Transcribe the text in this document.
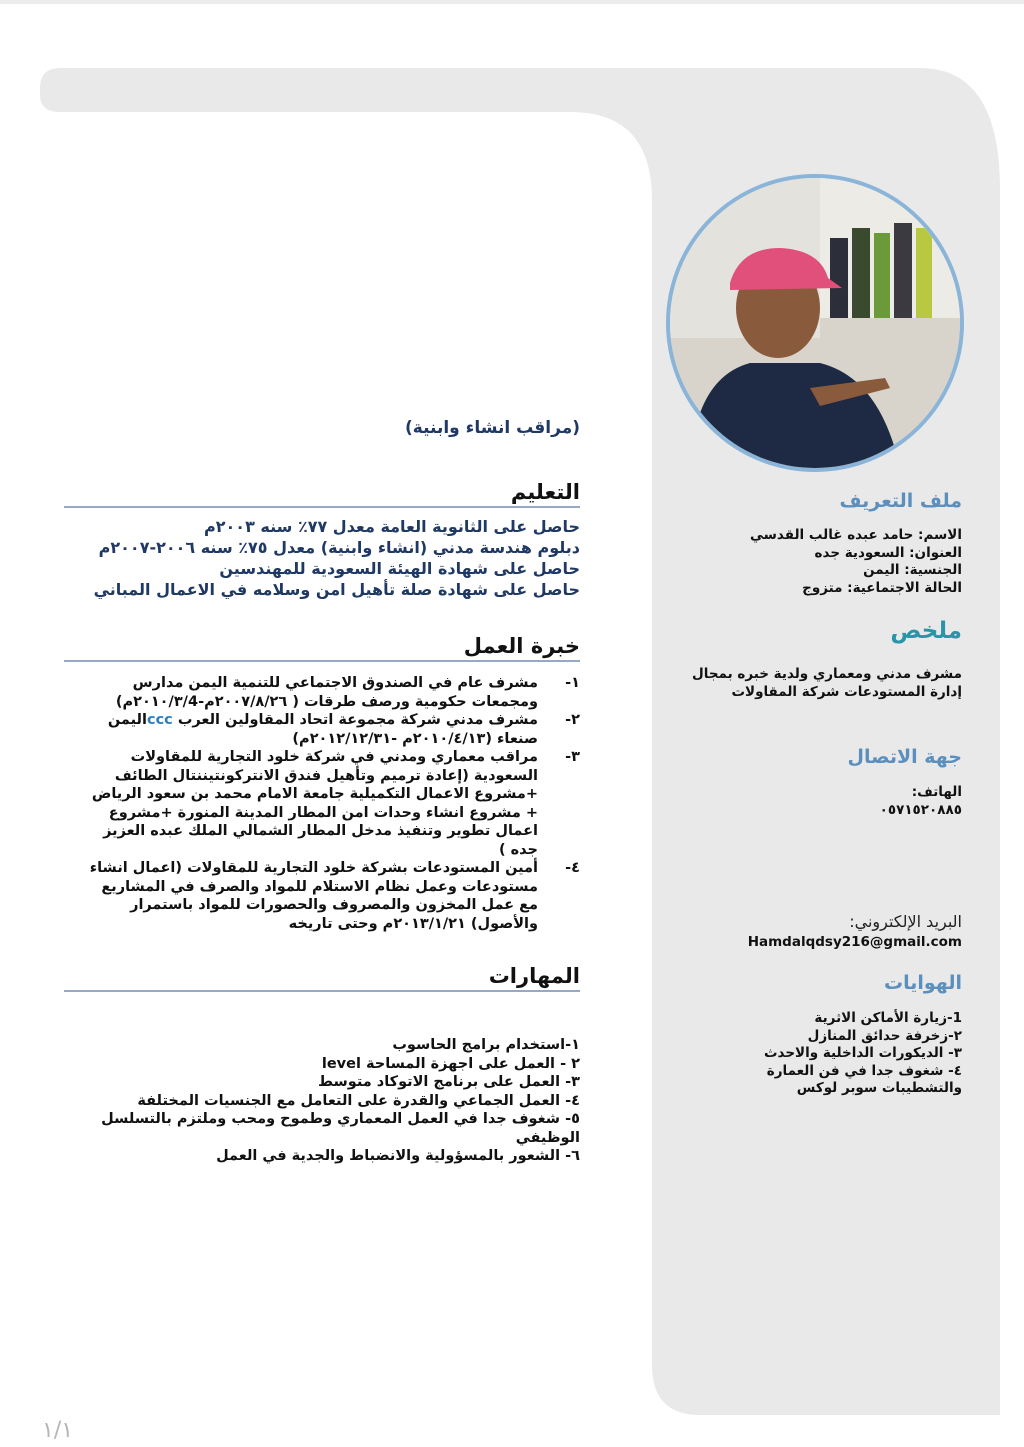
(مراقب انشاء وابنية)
التعليم
حاصل على الثانوية العامة معدل ٧٧٪ سنه ٢٠٠٣م
دبلوم هندسة مدني (انشاء وابنية) معدل ٧٥٪ سنه ٢٠٠٦-٢٠٠٧م
حاصل على شهادة الهيئة السعودية للمهندسين
حاصل على شهادة صلة تأهيل امن وسلامه في الاعمال المباني
خبرة العمل
١-
مشرف عام في الصندوق الاجتماعي للتنمية اليمن مدارس ومجمعات حكومية ورصف طرقات ( ٢٠٠٧/٨/٢٦م-٢٠١٠/٣/4م)
٢-
مشرف مدني شركة مجموعة اتحاد المقاولين العرب cccاليمن صنعاء (٢٠١٠/٤/١٣م -٢٠١٢/١٢/٣١م)
٣-
مراقب معماري ومدني في شركة خلود التجارية للمقاولات السعودية (إعادة ترميم وتأهيل فندق الانتركونتيننتال الطائف +مشروع الاعمال التكميلية جامعة الامام محمد بن سعود الرياض + مشروع انشاء وحدات امن المطار المدينة المنورة +مشروع اعمال تطوير وتنفيذ مدخل المطار الشمالي الملك عبده العزيز جده )
٤-
أمين المستودعات بشركة خلود التجارية للمقاولات (اعمال انشاء مستودعات وعمل نظام الاستلام للمواد والصرف في المشاريع مع عمل المخزون والمصروف والحصورات للمواد باستمرار والأصول) ٢٠١٣/١/٢١م وحتى تاريخه
المهارات
١-استخدام برامج الحاسوب
٢ - العمل على اجهزة المساحة level
٣- العمل على برنامج الاتوكاد متوسط
٤- العمل الجماعي والقدرة على التعامل مع الجنسيات المختلفة
٥- شغوف جدا في العمل المعماري وطموح ومحب وملتزم بالتسلسل الوظيفي
٦- الشعور بالمسؤولية والانضباط والجدية في العمل
ملف التعريف
الاسم: حامد عبده غالب القدسي
العنوان: السعودية جده
الجنسية: اليمن
الحالة الاجتماعية: متزوج
ملخص
مشرف مدني ومعماري ولدية خبره بمجال إدارة المستودعات شركة المقاولات
جهة الاتصال
الهاتف:
٠٥٧١٥٢٠٨٨٥
البريد الإلكتروني:
Hamdalqdsy216@gmail.com
الهوايات
1-زيارة الأماكن الاثرية
٢-زخرفة حدائق المنازل
٣- الديكورات الداخلية والاحدث
٤- شغوف جدا في فن العمارة والتشطيبات سوبر لوكس
١/١
